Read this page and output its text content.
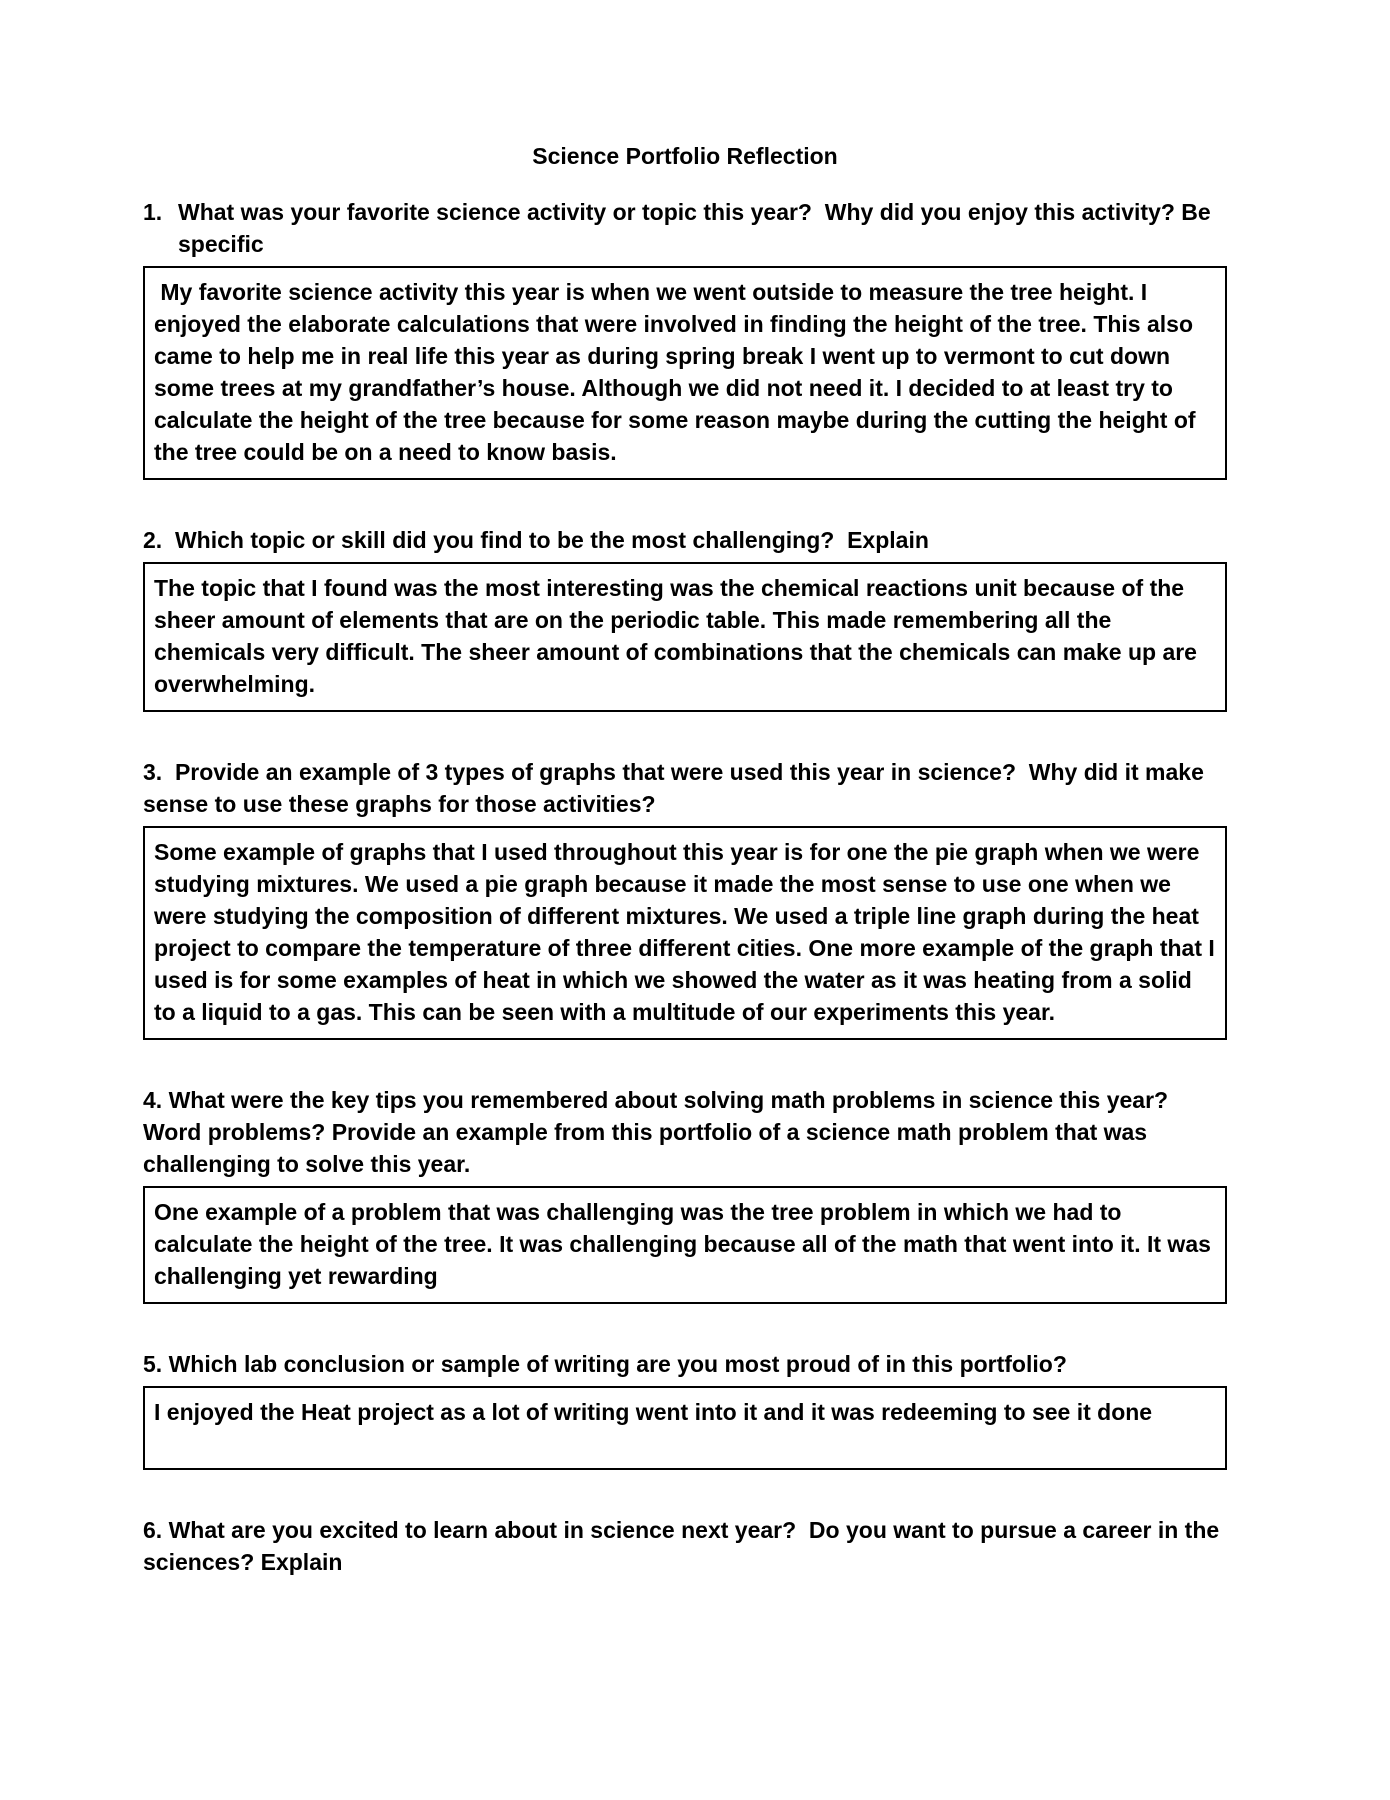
Science Portfolio Reflection
1. What was your favorite science activity or topic this year?  Why did you enjoy this activity? Be specific
My favorite science activity this year is when we went outside to measure the tree height. I enjoyed the elaborate calculations that were involved in finding the height of the tree. This also came to help me in real life this year as during spring break I went up to vermont to cut down some trees at my grandfather’s house. Although we did not need it. I decided to at least try to calculate the height of the tree because for some reason maybe during the cutting the height of the tree could be on a need to know basis.
2.  Which topic or skill did you find to be the most challenging?  Explain
The topic that I found was the most interesting was the chemical reactions unit because of the sheer amount of elements that are on the periodic table. This made remembering all the chemicals very difficult. The sheer amount of combinations that the chemicals can make up are overwhelming.
3.  Provide an example of 3 types of graphs that were used this year in science?  Why did it make sense to use these graphs for those activities?
Some example of graphs that I used throughout this year is for one the pie graph when we were studying mixtures. We used a pie graph because it made the most sense to use one when we were studying the composition of different mixtures. We used a triple line graph during the heat project to compare the temperature of three different cities. One more example of the graph that I used is for some examples of heat in which we showed the water as it was heating from a solid to a liquid to a gas. This can be seen with a multitude of our experiments this year.
4. What were the key tips you remembered about solving math problems in science this year?  Word problems? Provide an example from this portfolio of a science math problem that was challenging to solve this year.
One example of a problem that was challenging was the tree problem in which we had to calculate the height of the tree. It was challenging because all of the math that went into it. It was challenging yet rewarding
5. Which lab conclusion or sample of writing are you most proud of in this portfolio?
I enjoyed the Heat project as a lot of writing went into it and it was redeeming to see it done
6. What are you excited to learn about in science next year?  Do you want to pursue a career in the sciences? Explain
